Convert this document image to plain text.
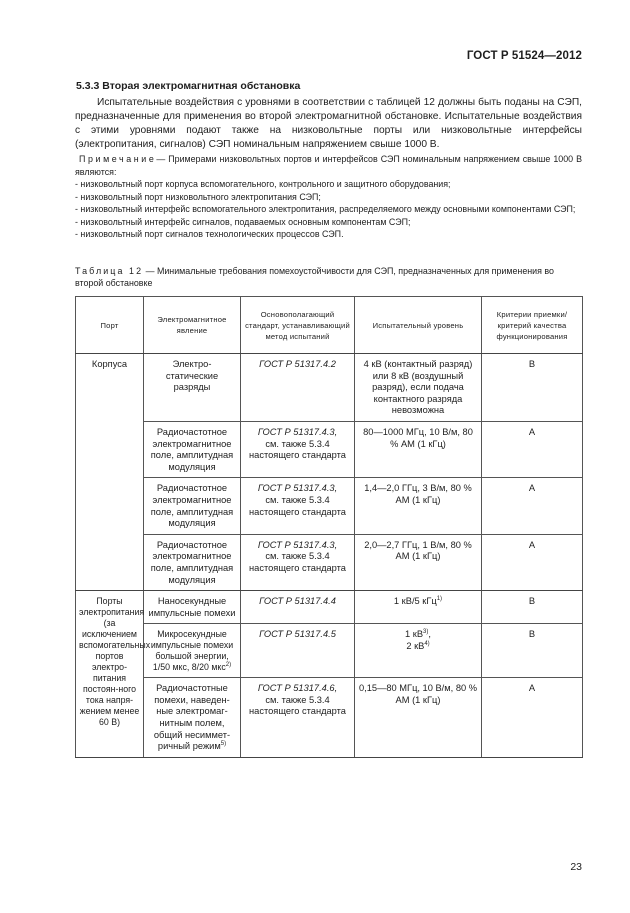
ГОСТ Р 51524—2012
5.3.3 Вторая электромагнитная обстановка
Испытательные воздействия с уровнями в соответствии с таблицей 12 должны быть поданы на СЭП, предназначенные для применения во второй электромагнитной обстановке. Испытательные воздействия с этими уровнями подают также на низковольтные порты или низковольтные интерфейсы (электропитания, сигналов) СЭП номинальным напряжением свыше 1000 В.
Примечание— Примерами низковольтных портов и интерфейсов СЭП номинальным напряжением свыше 1000 В являются:
- низковольтный порт корпуса вспомогательного, контрольного и защитного оборудования;
- низковольтный порт низковольтного электропитания СЭП;
- низковольтный интерфейс вспомогательного электропитания, распределяемого между основными компонентами СЭП;
- низковольтный интерфейс сигналов, подаваемых основным компонентам СЭП;
- низковольтный порт сигналов технологических процессов СЭП.
Таблица 12 — Минимальные требования помехоустойчивости для СЭП, предназначенных для применения во второй обстановке
Порт	Электромагнитное явление	Основополагающий стандарт, устанавливающий метод испытаний	Испытательный уровень	Критерии приемки/ критерий качества функционирования
Корпуса	Электро-статические разряды	ГОСТ Р 51317.4.2	4 кВ (контактный разряд) или 8 кВ (воздушный разряд), если подача контактного разряда невозможна	B
	Радиочастотное электромагнитное поле, амплитудная модуляция	ГОСТ Р 51317.4.3,
см. также 5.3.4 настоящего стандарта	80—1000 МГц, 10 В/м, 80 % АМ (1 кГц)	A
	Радиочастотное электромагнитное поле, амплитудная модуляция	ГОСТ Р 51317.4.3,
см. также 5.3.4 настоящего стандарта	1,4—2,0 ГГц, 3 В/м, 80 % АМ (1 кГц)	A
	Радиочастотное электромагнитное поле, амплитудная модуляция	ГОСТ Р 51317.4.3,
см. также 5.3.4 настоящего стандарта	2,0—2,7 ГГц, 1 В/м, 80 % АМ (1 кГц)	A
Порты электропитания (за исключением вспомогательных портов электро-питания постоян-ного тока напря-жением менее 60 В)	Наносекундные импульсные помехи	ГОСТ Р 51317.4.4	1 кВ/5 кГц$^{1)}$	B
	Микросекундные импульсные помехи большой энергии, 1/50 мкс, 8/20 мкс$^{2)}$	ГОСТ Р 51317.4.5	1 $кВ^{3)}$,
2 $кВ^{4)}$	B
	Радиочастотные помехи, наведен-ные электромаг-нитным полем, общий несиммет-ричный режим$^{5)}$	ГОСТ Р 51317.4.6,
см. также 5.3.4 настоящего стандарта	0,15—80 МГц, 10 В/м, 80 % АМ (1 кГц)	A
23
